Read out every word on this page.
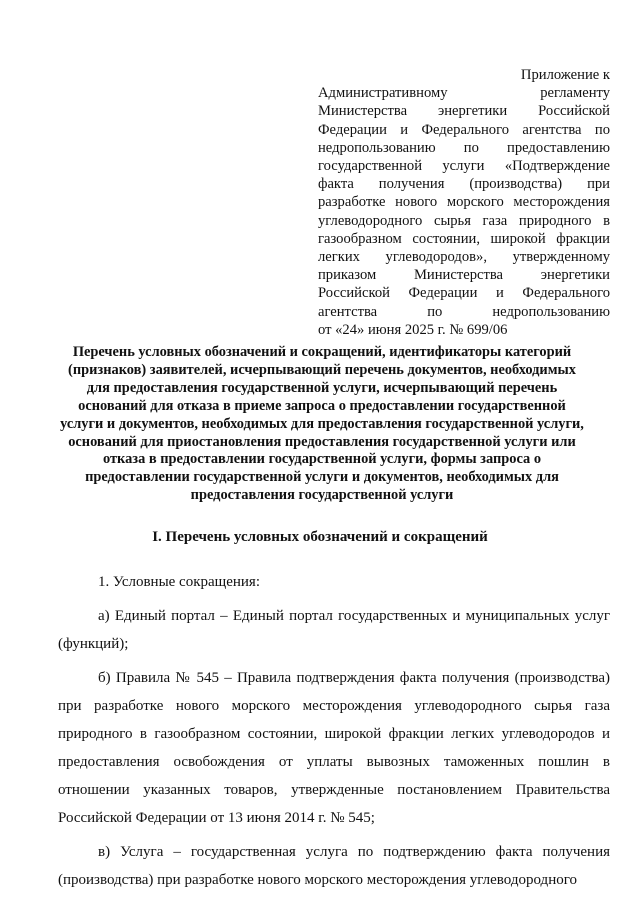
Приложение к
Административному регламенту Министерства энергетики Российской Федерации и Федерального агентства по недропользованию по предоставлению государственной услуги «Подтверждение факта получения (производства) при разработке нового морского месторождения углеводородного сырья газа природного в газообразном состоянии, широкой фракции легких углеводородов», утвержденному приказом Министерства энергетики Российской Федерации и Федерального агентства по недропользованию
от «24» июня 2025 г. № 699/06
Перечень условных обозначений и сокращений, идентификаторы категорий (признаков) заявителей, исчерпывающий перечень документов, необходимых для предоставления государственной услуги, исчерпывающий перечень оснований для отказа в приеме запроса о предоставлении государственной услуги и документов, необходимых для предоставления государственной услуги, оснований для приостановления предоставления государственной услуги или отказа в предоставлении государственной услуги, формы запроса о предоставлении государственной услуги и документов, необходимых для предоставления государственной услуги
I. Перечень условных обозначений и сокращений

1. Условные сокращения:

а) Единый портал – Единый портал государственных и муниципальных услуг (функций);

б) Правила № 545 – Правила подтверждения факта получения (производства) при разработке нового морского месторождения углеводородного сырья газа природного в газообразном состоянии, широкой фракции легких углеводородов и предоставления освобождения от уплаты вывозных таможенных пошлин в отношении указанных товаров, утвержденные постановлением Правительства Российской Федерации от 13 июня 2014 г. № 545;

в) Услуга – государственная услуга по подтверждению факта получения (производства) при разработке нового морского месторождения углеводородного
